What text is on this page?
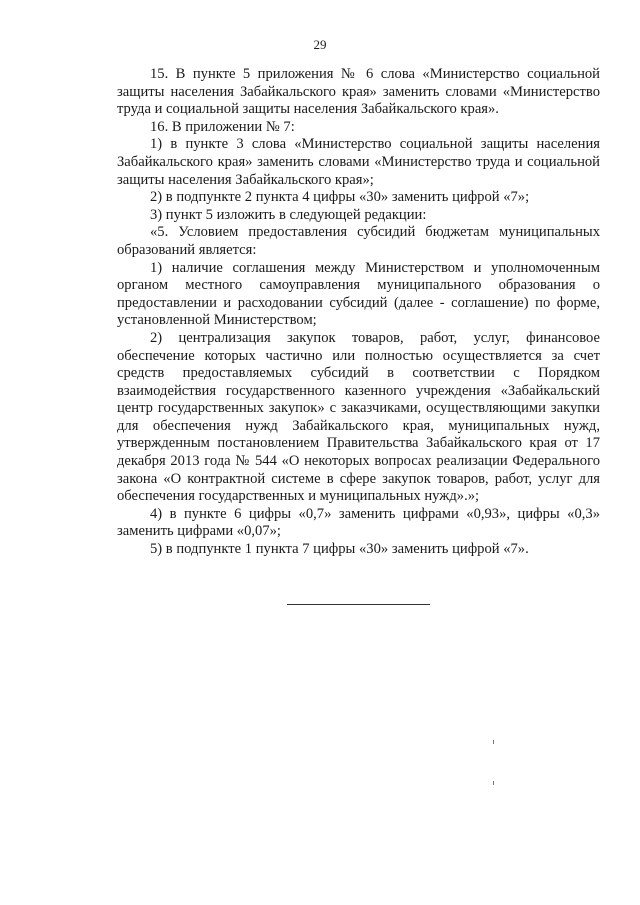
29

15. В пункте 5 приложения № 6 слова «Министерство социальной защиты населения Забайкальского края» заменить словами «Министерство труда и социальной защиты населения Забайкальского края».

16. В приложении № 7:

1) в пункте 3 слова «Министерство социальной защиты населения Забайкальского края» заменить словами «Министерство труда и социальной защиты населения Забайкальского края»;

2) в подпункте 2 пункта 4 цифры «30» заменить цифрой «7»;

3) пункт 5 изложить в следующей редакции:

«5. Условием предоставления субсидий бюджетам муниципальных образований является:

1) наличие соглашения между Министерством и уполномоченным органом местного самоуправления муниципального образования о предоставлении и расходовании субсидий (далее - соглашение) по форме, установленной Министерством;

2) централизация закупок товаров, работ, услуг, финансовое обеспечение которых частично или полностью осуществляется за счет средств предоставляемых субсидий в соответствии с Порядком взаимодействия государственного казенного учреждения «Забайкальский центр государственных закупок» с заказчиками, осуществляющими закупки для обеспечения нужд Забайкальского края, муниципальных нужд, утвержденным постановлением Правительства Забайкальского края от 17 декабря 2013 года № 544 «О некоторых вопросах реализации Федерального закона «О контрактной системе в сфере закупок товаров, работ, услуг для обеспечения государственных и муниципальных нужд».»;

4) в пункте 6 цифры «0,7» заменить цифрами «0,93», цифры «0,3» заменить цифрами «0,07»;

5) в подпункте 1 пункта 7 цифры «30» заменить цифрой «7».
